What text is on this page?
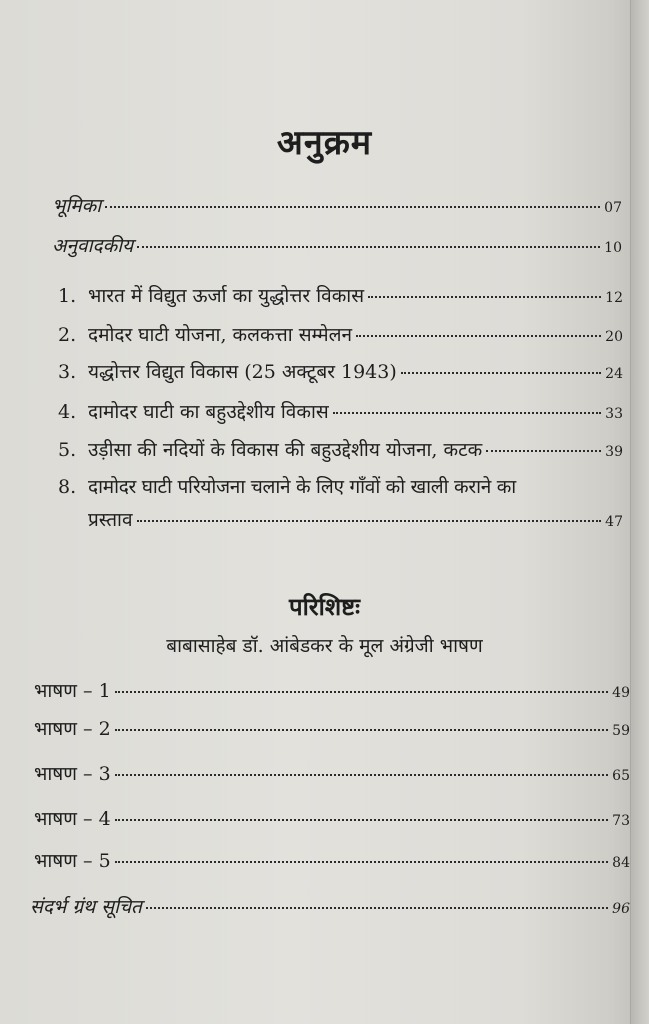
अनुक्रम
भूमिका	07
अनुवादकीय	10
1. भारत में विद्युत ऊर्जा का युद्धोत्तर विकास	12
2. दमोदर घाटी योजना, कलकत्ता सम्मेलन	20
3. यद्धोत्तर विद्युत विकास (25 अक्टूबर 1943)	24
4. दामोदर घाटी का बहुउद्देशीय विकास	33
5. उड़ीसा की नदियों के विकास की बहुउद्देशीय योजना, कटक	39
8. दामोदर घाटी परियोजना चलाने के लिए गाँवों को खाली कराने का
प्रस्ताव	47
परिशिष्टः
बाबासाहेब डॉ. आंबेडकर के मूल अंग्रेजी भाषण
भाषण – 1	49
भाषण – 2	59
भाषण – 3	65
भाषण – 4	73
भाषण – 5	84
संदर्भ ग्रंथ सूचित	96
